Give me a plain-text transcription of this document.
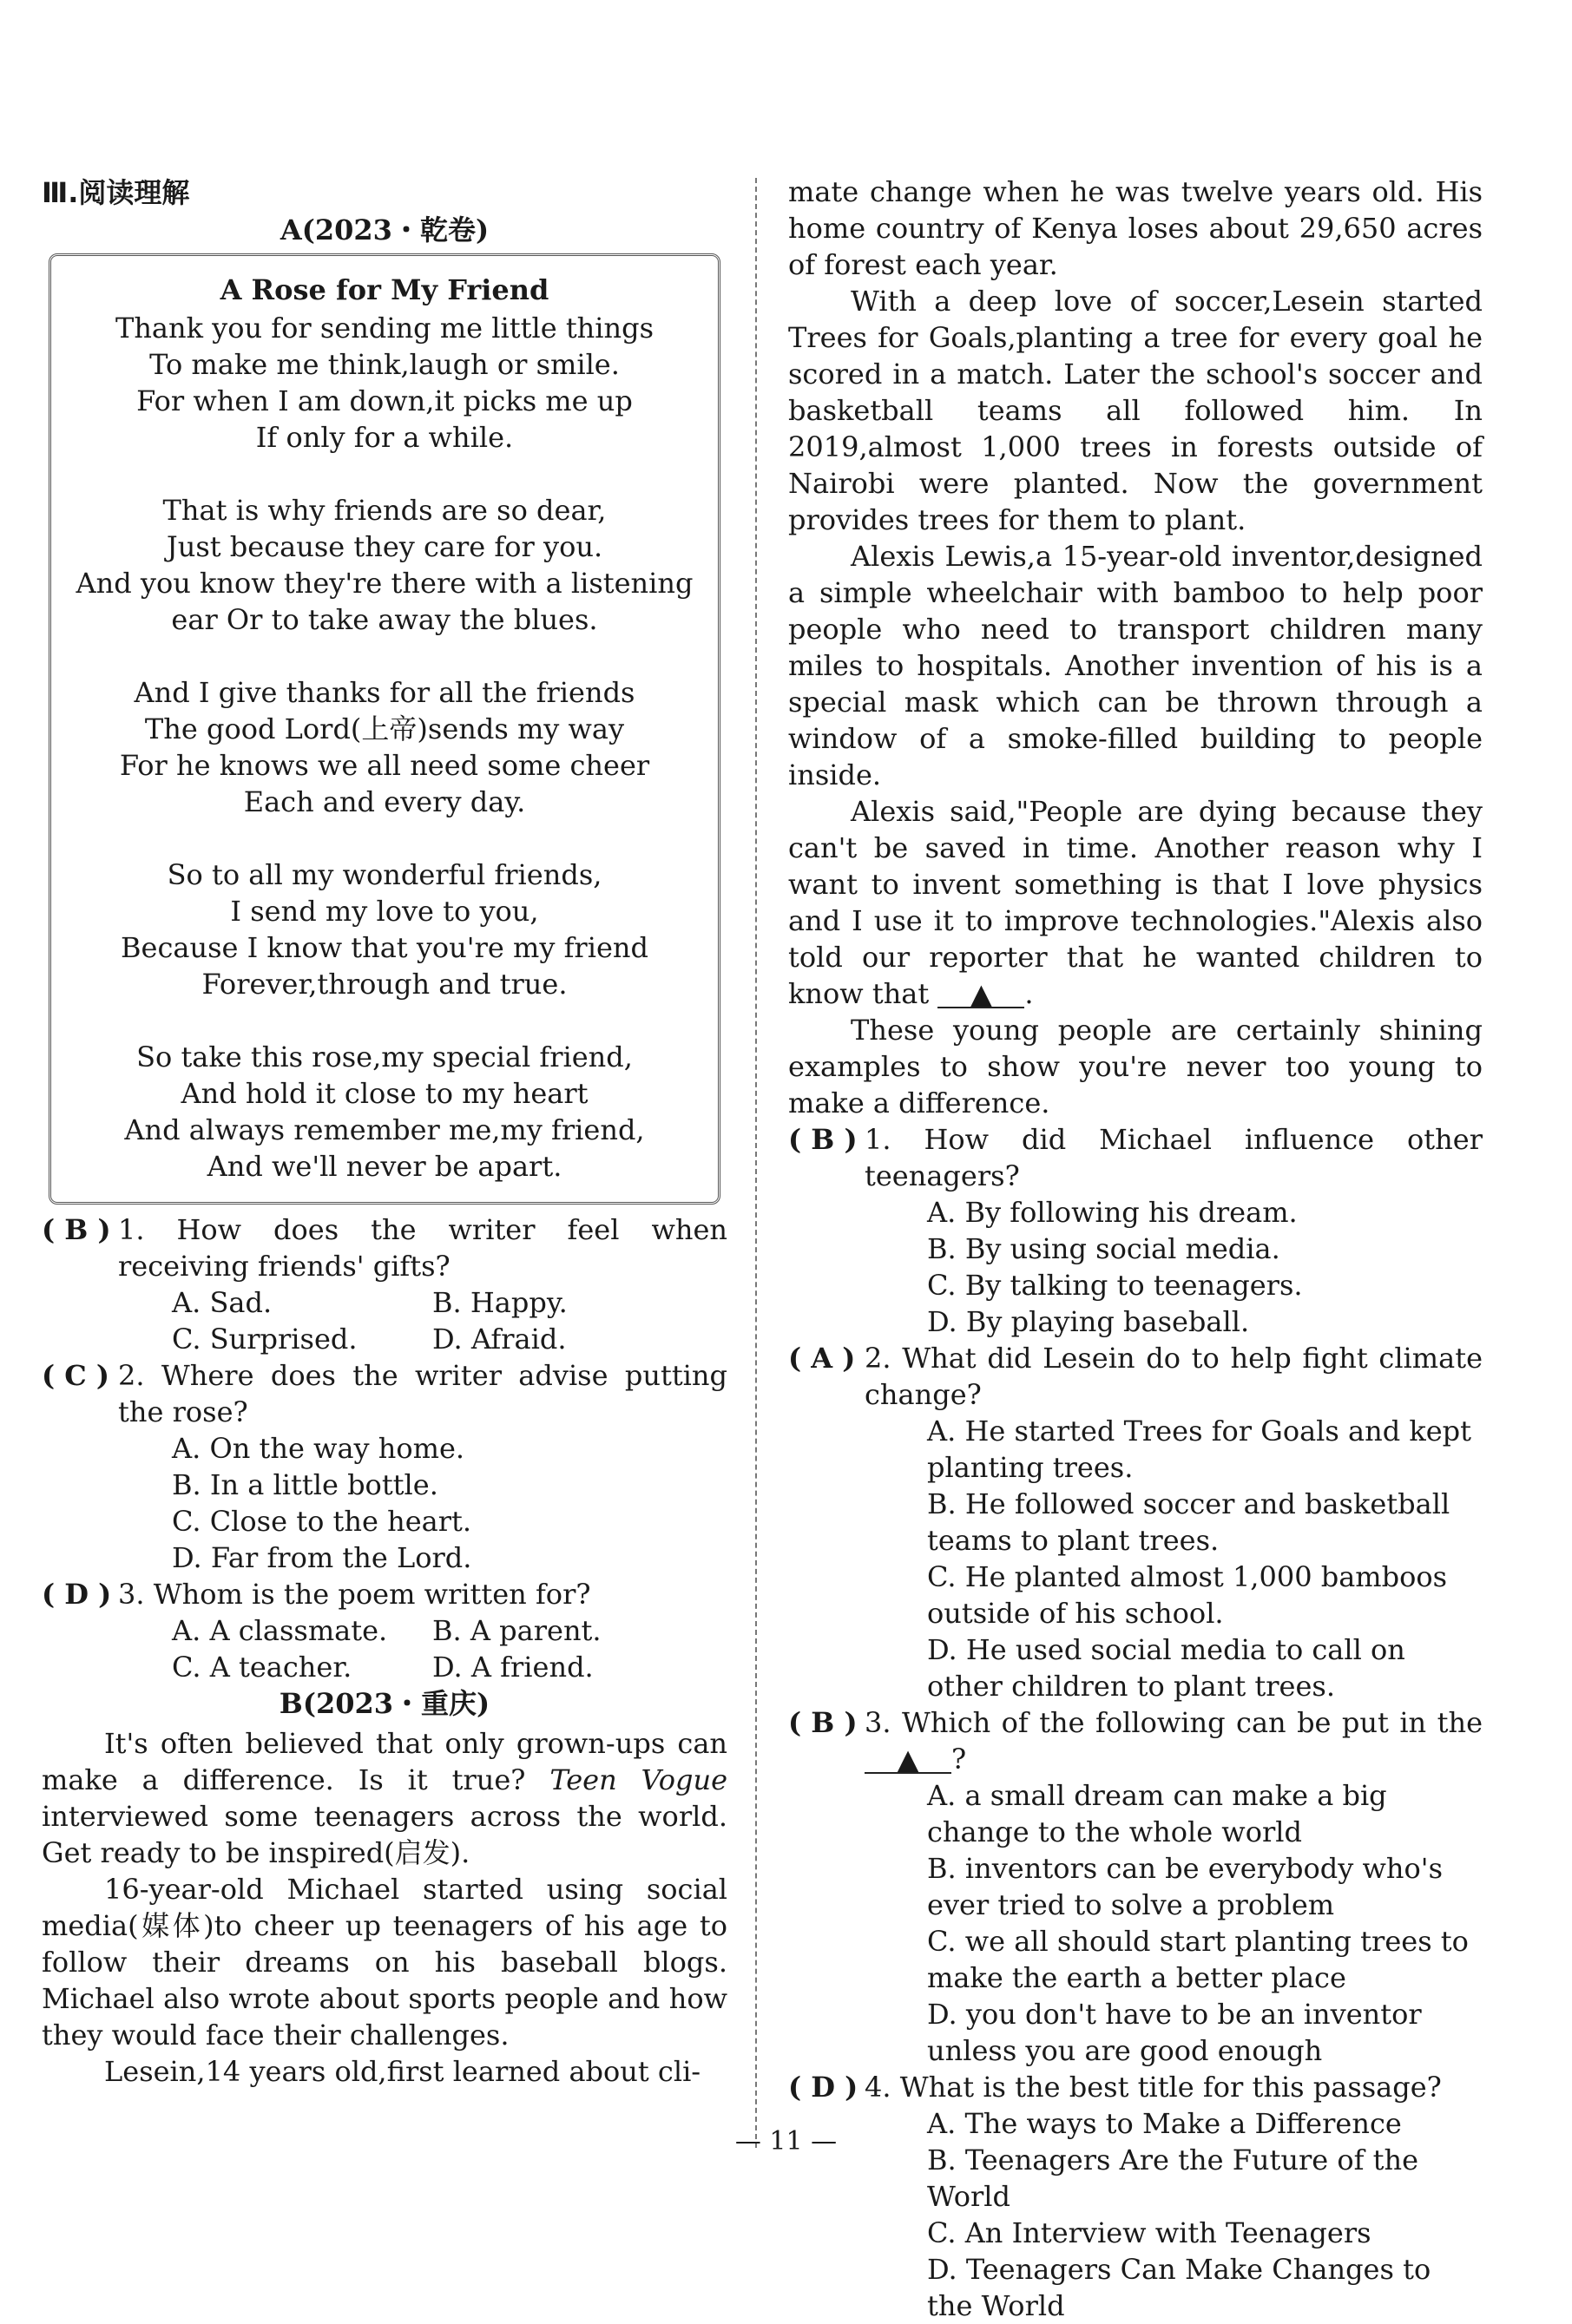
Ⅲ.阅读理解
A(2023・乾卷)
A Rose for My Friend
Thank you for sending me little things
To make me think,laugh or smile.
For when I am down,it picks me up
If only for a while.
That is why friends are so dear,
Just because they care for you.
And you know they're there with a listening
ear Or to take away the blues.
And I give thanks for all the friends
The good Lord(上帝)sends my way
For he knows we all need some cheer
Each and every day.
So to all my wonderful friends,
I send my love to you,
Because I know that you're my friend
Forever,through and true.
So take this rose,my special friend,
And hold it close to my heart
And always remember me,my friend,
And we'll never be apart.
( B ) 1. How does the writer feel when receiving friends' gifts?
A. Sad.	B. Happy.
C. Surprised.	D. Afraid.
( C ) 2. Where does the writer advise putting the rose?
A. On the way home.
B. In a little bottle.
C. Close to the heart.
D. Far from the Lord.
( D ) 3. Whom is the poem written for?
A. A classmate.	B. A parent.
C. A teacher.	D. A friend.
B(2023・重庆)

It's often believed that only grown-ups can make a difference. Is it true? Teen Vogue interviewed some teenagers across the world. Get ready to be inspired(启发).

16-year-old Michael started using social media(媒体)to cheer up teenagers of his age to follow their dreams on his baseball blogs. Michael also wrote about sports people and how they would face their challenges.

Lesein,14 years old,first learned about cli-

mate change when he was twelve years old. His home country of Kenya loses about 29,650 acres of forest each year.

With a deep love of soccer,Lesein started Trees for Goals,planting a tree for every goal he scored in a match. Later the school's soccer and basketball teams all followed him. In 2019,almost 1,000 trees in forests outside of Nairobi were planted. Now the government provides trees for them to plant.

Alexis Lewis,a 15-year-old inventor,designed a simple wheelchair with bamboo to help poor people who need to transport children many miles to hospitals. Another invention of his is a special mask which can be thrown through a window of a smoke-filled building to people inside.

Alexis said,"People are dying because they can't be saved in time. Another reason why I want to invent something is that I love physics and I use it to improve technologies."Alexis also told our reporter that he wanted children to know that ▲ .

These young people are certainly shining examples to show you're never too young to make a difference.

( B ) 1. How did Michael influence other teenagers?
A. By following his dream.
B. By using social media.
C. By talking to teenagers.
D. By playing baseball.
( A ) 2. What did Lesein do to help fight climate change?
A. He started Trees for Goals and kept planting trees.
B. He followed soccer and basketball teams to plant trees.
C. He planted almost 1,000 bamboos outside of his school.
D. He used social media to call on other children to plant trees.
( B ) 3. Which of the following can be put in the ▲ ?
A. a small dream can make a big change to the whole world
B. inventors can be everybody who's ever tried to solve a problem
C. we all should start planting trees to make the earth a better place
D. you don't have to be an inventor unless you are good enough
( D ) 4. What is the best title for this passage?
A. The ways to Make a Difference
B. Teenagers Are the Future of the World
C. An Interview with Teenagers
D. Teenagers Can Make Changes to the World
— 11 —
